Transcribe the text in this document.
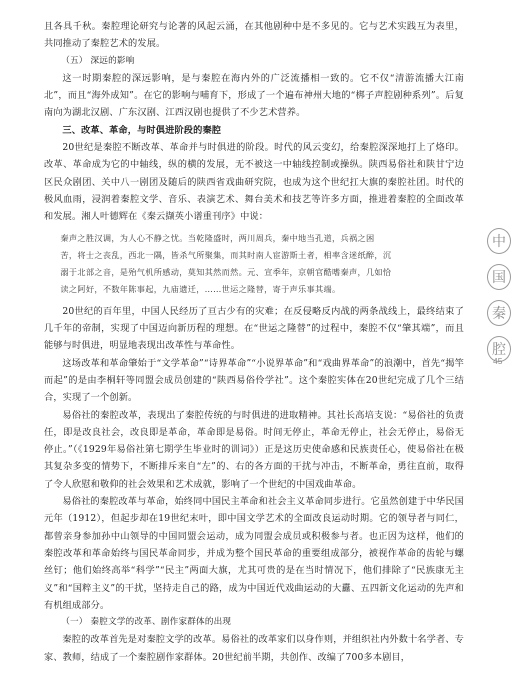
且各具千秋。秦腔理论研究与论著的风起云涌，在其他剧种中是不多见的。它与艺术实践互为表里，共同推动了秦腔艺术的发展。

（五） 深远的影响

这一时期秦腔的深远影响，是与秦腔在海内外的广泛流播相一致的。它不仅“清游流播大江南北”，而且“海外成知”。在它的影响与哺育下，形成了一个遍布神州大地的“梆子声腔剧种系列”。后复南向为湖北汉剧、广东汉剧、江西汉剧也提供了不少艺术营养。

三、改革、革命，与时俱进阶段的秦腔

20世纪是秦腔不断改革、革命并与时俱进的阶段。时代的风云变幻，给秦腔深深地打上了烙印。改革、革命成为它的中轴线，纵的横的发展，无不被这一中轴线控制或操纵。陕西易俗社和陕甘宁边区民众剧团、关中八一剧团及随后的陕西省戏曲研究院，也成为这个世纪扛大旗的秦腔社团。时代的极风血雨，浸润着秦腔文学、音乐、表演艺术、舞台美术和技艺等许多方面，推进着秦腔的全面改革和发展。湘人叶德辉在《秦云撷英小谱重刊序》中说：

秦声之胜汉调，为人心不静之忧。当乾隆盛时，两川周兵，秦中地当孔道，兵祸之困
苦，将士之丧乱，西北一隅，皆杀气所聚集，而其时南人宦游斯土者，相率含迷纸醉，沉
溺于北部之音，是殆气机所感动，莫知其然而然。元、宣季年，京朝官酷嗜秦声，几如恰
读之阿好，不数年陈事起，九庙遗迁，……世运之隆替，寄于声乐事其端。

20世纪的百年里，中国人民经历了亘古少有的灾难；在反侵略反内战的两条战线上，最终结束了几千年的帝制，实现了中国迈向新历程的理想。在“世运之隆替”的过程中，秦腔不仅“肇其端”，而且能够与时俱进，明显地表现出改革性与革命性。

这场改革和革命肇始于“文学革命”“诗界革命”“小说界革命”和“戏曲界革命”的浪潮中，首先“揭竿而起”的是由李桐轩等同盟会成员创建的“陕西易俗伶学社”。这个秦腔实体在20世纪完成了几个三结合，实现了一个创新。

易俗社的秦腔改革，表现出了秦腔传统的与时俱进的进取精神。其社长高培支说：“易俗社的负责任，即是改良社会，改良即是革命，革命即是易俗。时间无停止，革命无停止，社会无停止，易俗无停止。”（《1929年易俗社第七期学生毕业时的训词》）正是这历史使命感和民族责任心，使易俗社在极其复杂多变的情势下，不断排斥来自“左”的、右的各方面的干扰与冲击，不断革命，勇往直前，取得了令人欣慰和敬仰的社会效果和艺术成就，影响了一个世纪的中国戏曲革命。

易俗社的秦腔改革与革命，始终同中国民主革命和社会主义革命同步进行。它虽然创建于中华民国元年（1912），但起步却在19世纪末叶，即中国文学艺术的全面改良运动时期。它的领导者与同仁，都曾亲身参加孙中山领导的中国同盟会运动，成为同盟会成员或积极参与者。也正因为这样，他们的秦腔改革和革命始终与国民革命同步，并成为整个国民革命的重要组成部分，被视作革命的齿轮与螺丝钉；他们始终高举“科学”“民主”两面大旗，尤其可贵的是在当时情况下，他们排除了“民族康无主义”和“国粹主义”的干扰，坚持走自己的路，成为中国近代戏曲运动的大纛、五四新文化运动的先声和有机组成部分。

（一） 秦腔文学的改革、剧作家群体的出现

秦腔的改革首先是对秦腔文学的改革。易俗社的改革家们以身作则，并组织社内外数十名学者、专家、教师，结成了一个秦腔剧作家群体。20世纪前半期，共创作、改编了700多本剧目，

中
国
秦
腔
45
